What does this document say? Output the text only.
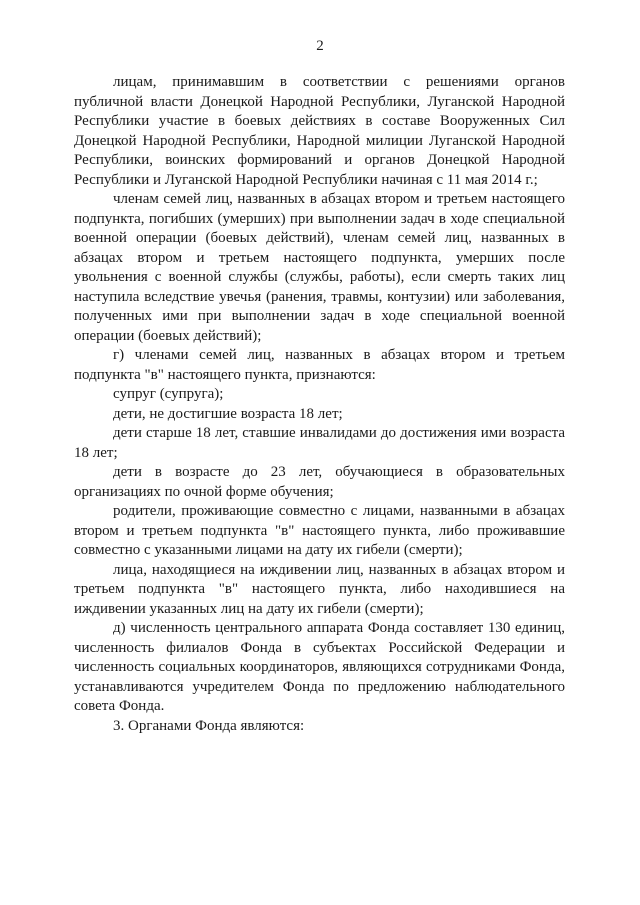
2

лицам, принимавшим в соответствии с решениями органов публичной власти Донецкой Народной Республики, Луганской Народной Республики участие в боевых действиях в составе Вооруженных Сил Донецкой Народной Республики, Народной милиции Луганской Народной Республики, воинских формирований и органов Донецкой Народной Республики и Луганской Народной Республики начиная с 11 мая 2014 г.;

членам семей лиц, названных в абзацах втором и третьем настоящего подпункта, погибших (умерших) при выполнении задач в ходе специальной военной операции (боевых действий), членам семей лиц, названных в абзацах втором и третьем настоящего подпункта, умерших после увольнения с военной службы (службы, работы), если смерть таких лиц наступила вследствие увечья (ранения, травмы, контузии) или заболевания, полученных ими при выполнении задач в ходе специальной военной операции (боевых действий);

г) членами семей лиц, названных в абзацах втором и третьем подпункта "в" настоящего пункта, признаются:

супруг (супруга);

дети, не достигшие возраста 18 лет;

дети старше 18 лет, ставшие инвалидами до достижения ими возраста 18 лет;

дети в возрасте до 23 лет, обучающиеся в образовательных организациях по очной форме обучения;

родители, проживающие совместно с лицами, названными в абзацах втором и третьем подпункта "в" настоящего пункта, либо проживавшие совместно с указанными лицами на дату их гибели (смерти);

лица, находящиеся на иждивении лиц, названных в абзацах втором и третьем подпункта "в" настоящего пункта, либо находившиеся на иждивении указанных лиц на дату их гибели (смерти);

д) численность центрального аппарата Фонда составляет 130 единиц, численность филиалов Фонда в субъектах Российской Федерации и численность социальных координаторов, являющихся сотрудниками Фонда, устанавливаются учредителем Фонда по предложению наблюдательного совета Фонда.

3. Органами Фонда являются:
